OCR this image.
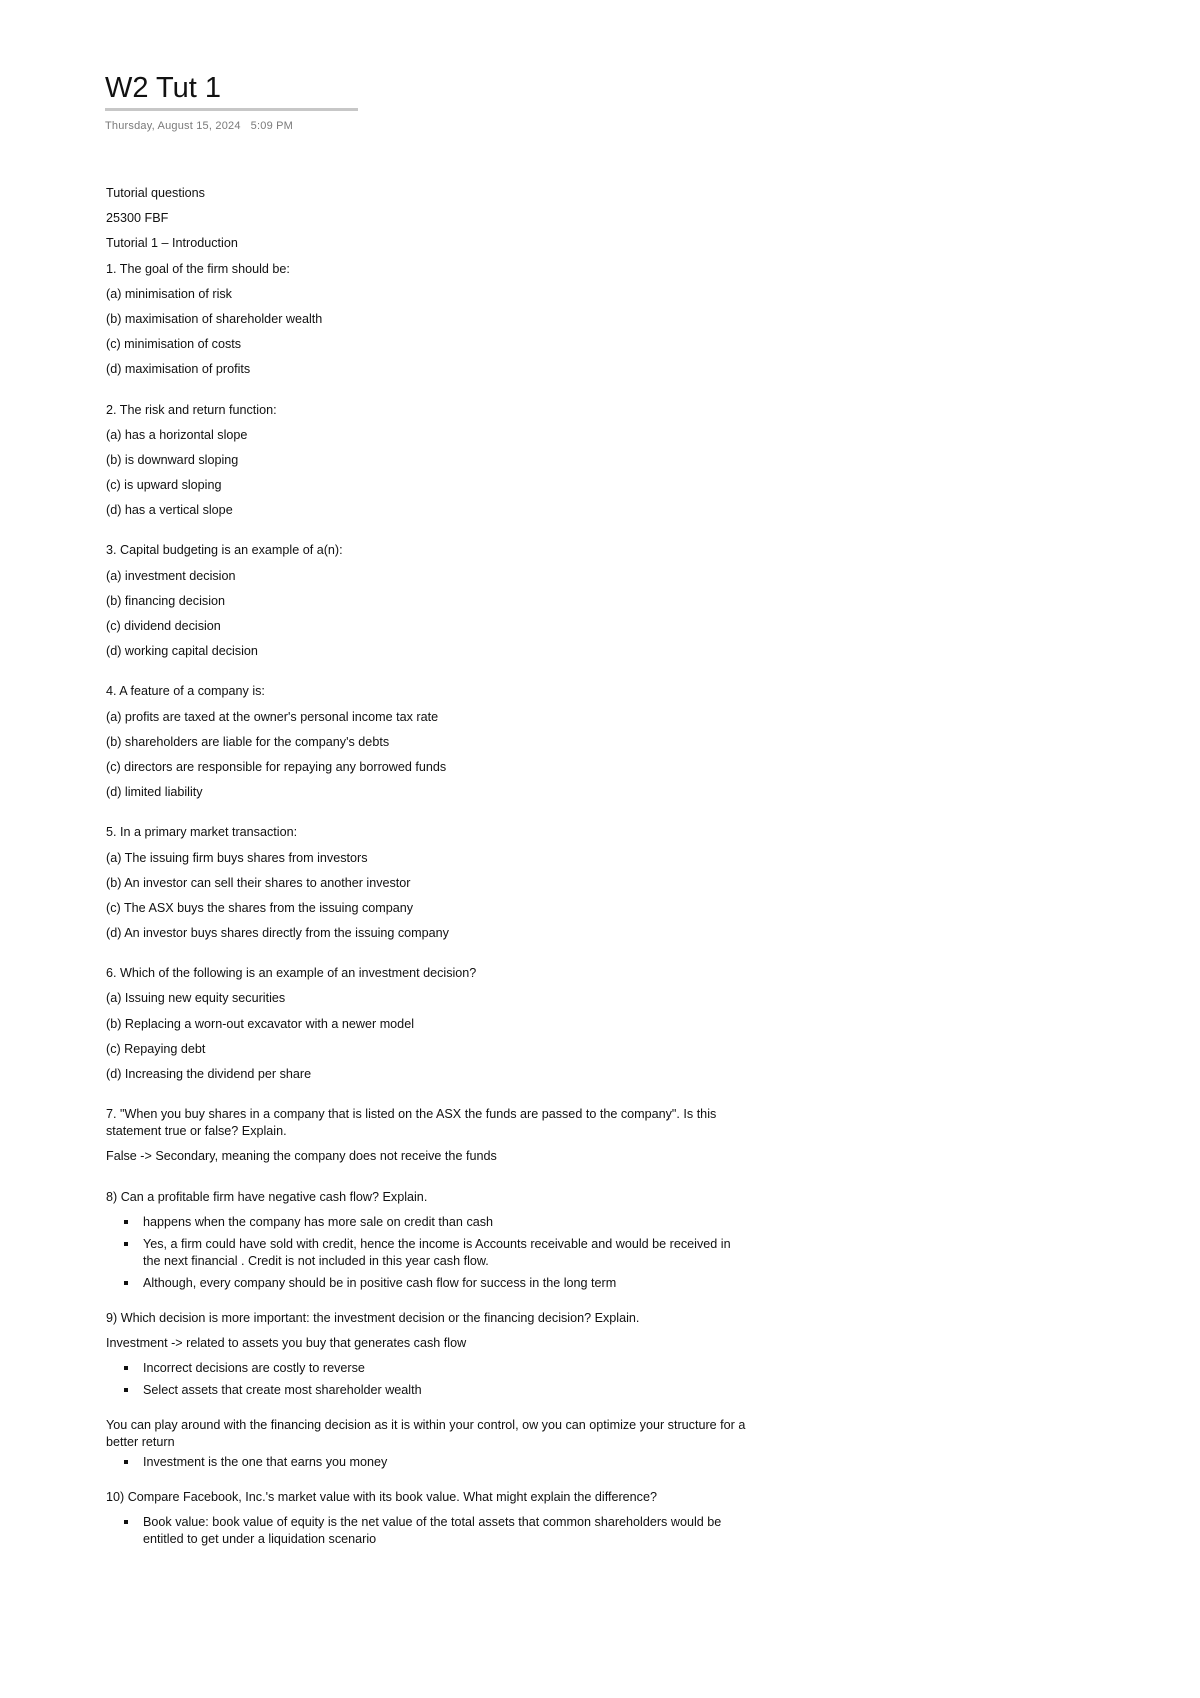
W2 Tut 1
Thursday, August 15, 2024 5:09 PM
Tutorial questions
25300 FBF
Tutorial 1 – Introduction
1. The goal of the firm should be:
(a) minimisation of risk
(b) maximisation of shareholder wealth
(c) minimisation of costs
(d) maximisation of profits
2. The risk and return function:
(a) has a horizontal slope
(b) is downward sloping
(c) is upward sloping
(d) has a vertical slope
3. Capital budgeting is an example of a(n):
(a) investment decision
(b) financing decision
(c) dividend decision
(d) working capital decision
4. A feature of a company is:
(a) profits are taxed at the owner's personal income tax rate
(b) shareholders are liable for the company's debts
(c) directors are responsible for repaying any borrowed funds
(d) limited liability
5. In a primary market transaction:
(a) The issuing firm buys shares from investors
(b) An investor can sell their shares to another investor
(c) The ASX buys the shares from the issuing company
(d) An investor buys shares directly from the issuing company
6. Which of the following is an example of an investment decision?
(a) Issuing new equity securities
(b) Replacing a worn-out excavator with a newer model
(c) Repaying debt
(d) Increasing the dividend per share
7. "When you buy shares in a company that is listed on the ASX the funds are passed to the company". Is this statement true or false? Explain.
False -> Secondary, meaning the company does not receive the funds
8) Can a profitable firm have negative cash flow? Explain.
happens when the company has more sale on credit than cash
Yes, a firm could have sold with credit, hence the income is Accounts receivable and would be received in the next financial . Credit is not included in this year cash flow.
Although, every company should be in positive cash flow for success in the long term
9) Which decision is more important: the investment decision or the financing decision? Explain.
Investment -> related to assets you buy that generates cash flow
Incorrect decisions are costly to reverse
Select assets that create most shareholder wealth
You can play around with the financing decision as it is within your control, ow you can optimize your structure for a better return
Investment is the one that earns you money
10) Compare Facebook, Inc.'s market value with its book value. What might explain the difference?
Book value: book value of equity is the net value of the total assets that common shareholders would be entitled to get under a liquidation scenario
